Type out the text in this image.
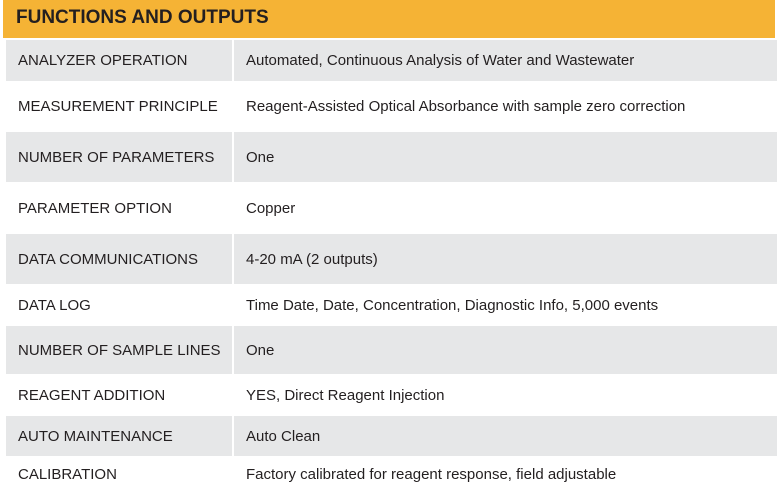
FUNCTIONS AND OUTPUTS
ANALYZER OPERATION	Automated, Continuous Analysis of Water and Wastewater
MEASUREMENT PRINCIPLE	Reagent-Assisted Optical Absorbance with sample zero correction
NUMBER OF PARAMETERS	One
PARAMETER OPTION	Copper
DATA COMMUNICATIONS	4-20 mA (2 outputs)
DATA LOG	Time Date, Date, Concentration, Diagnostic Info, 5,000 events
NUMBER OF SAMPLE LINES	One
REAGENT ADDITION	YES, Direct Reagent Injection
AUTO MAINTENANCE	Auto Clean
CALIBRATION	Factory calibrated for reagent response, field adjustable
